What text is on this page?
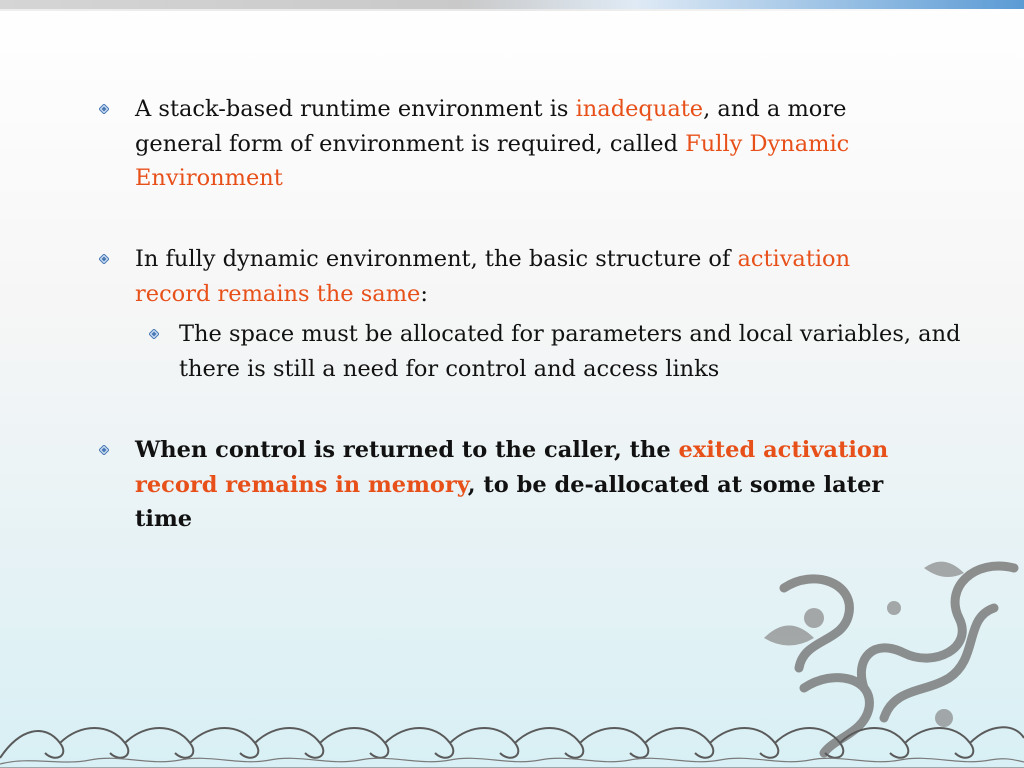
A stack-based runtime environment is inadequate, and a more general form of environment is required, called Fully Dynamic Environment
In fully dynamic environment, the basic structure of activation record remains the same:
The space must be allocated for parameters and local variables, and there is still a need for control and access links
When control is returned to the caller, the exited activation record remains in memory, to be de-allocated at some later time
